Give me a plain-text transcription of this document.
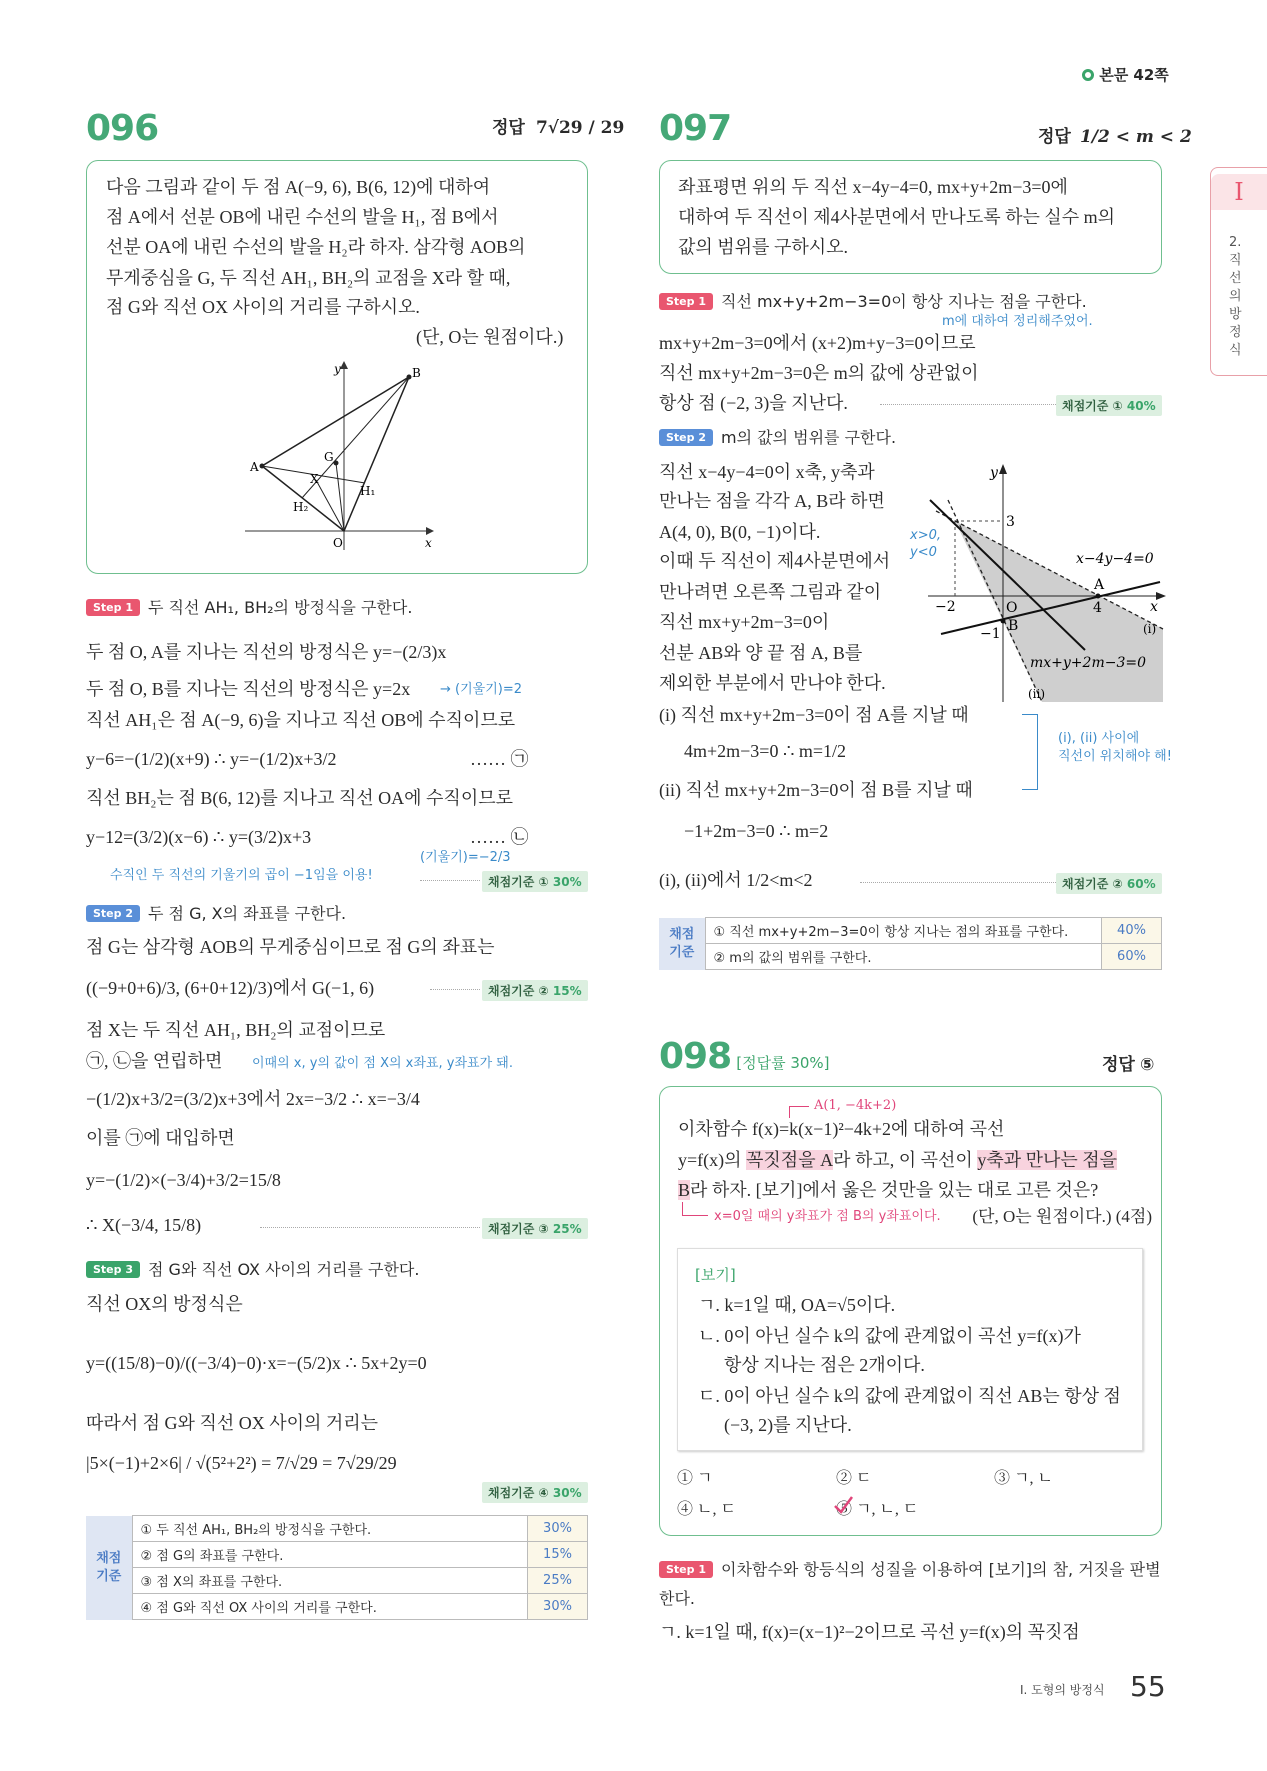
본문 42쪽
I
2. 직선의 방정식
096	정답 7√29 / 29
다음 그림과 같이 두 점 A(−9, 6), B(6, 12)에 대하여
점 A에서 선분 OB에 내린 수선의 발을 H₁, 점 B에서
선분 OA에 내린 수선의 발을 H₂라 하자. 삼각형 AOB의
무게중심을 G, 두 직선 AH₁, BH₂의 교점을 X라 할 때,
점 G와 직선 OX 사이의 거리를 구하시오.
(단, O는 원점이다.)
y
x
O
A
B
G
X
H₁
H₂
Step 1 두 직선 AH₁, BH₂의 방정식을 구한다.
두 점 O, A를 지나는 직선의 방정식은 y=−(2/3)x
두 점 O, B를 지나는 직선의 방정식은 y=2x → (기울기)=2
직선 AH₁은 점 A(−9, 6)을 지나고 직선 OB에 수직이므로
y−6=−(1/2)(x+9) ∴ y=−(1/2)x+3/2	…… ㉠
직선 BH₂는 점 B(6, 12)를 지나고 직선 OA에 수직이므로
y−12=(3/2)(x−6) ∴ y=(3/2)x+3	…… ㉡
(기울기)=−2/3
수직인 두 직선의 기울기의 곱이 −1임을 이용!	채점기준 ① 30%
Step 2 두 점 G, X의 좌표를 구한다.
점 G는 삼각형 AOB의 무게중심이므로 점 G의 좌표는
((−9+0+6)/3, (6+0+12)/3)에서 G(−1, 6)	채점기준 ② 15%
점 X는 두 직선 AH₁, BH₂의 교점이므로
㉠, ㉡을 연립하면 이때의 x, y의 값이 점 X의 x좌표, y좌표가 돼.
−(1/2)x+3/2=(3/2)x+3에서 2x=−3/2 ∴ x=−3/4
이를 ㉠에 대입하면
y=−(1/2)×(−3/4)+3/2=15/8
∴ X(−3/4, 15/8)	채점기준 ③ 25%
Step 3 점 G와 직선 OX 사이의 거리를 구한다.
직선 OX의 방정식은
y=((15/8)−0)/((−3/4)−0)·x=−(5/2)x ∴ 5x+2y=0
따라서 점 G와 직선 OX 사이의 거리는
|5×(−1)+2×6| / √(5²+2²) = 7/√29 = 7√29/29
채점기준 ④ 30%
채점 기준	① 두 직선 AH₁, BH₂의 방정식을 구한다.	30%
	② 점 G의 좌표를 구한다.	15%
	③ 점 X의 좌표를 구한다.	25%
	④ 점 G와 직선 OX 사이의 거리를 구한다.	30%
097	정답 1/2 < m < 2
좌표평면 위의 두 직선 x−4y−4=0, mx+y+2m−3=0에
대하여 두 직선이 제4사분면에서 만나도록 하는 실수 m의
값의 범위를 구하시오.
Step 1 직선 mx+y+2m−3=0이 항상 지나는 점을 구한다.
m에 대하여 정리해주었어.
mx+y+2m−3=0에서 (x+2)m+y−3=0이므로
직선 mx+y+2m−3=0은 m의 값에 상관없이
항상 점 (−2, 3)을 지난다.	채점기준 ① 40%
Step 2 m의 값의 범위를 구한다.
직선 x−4y−4=0이 x축, y축과
만나는 점을 각각 A, B라 하면
A(4, 0), B(0, −1)이다.
이때 두 직선이 제4사분면에서
만나려면 오른쪽 그림과 같이
직선 mx+y+2m−3=0이
선분 AB와 양 끝 점 A, B를
제외한 부분에서 만나야 한다.
x>0,
y<0
y
x
O
3
−2	4
−1
A
B
x−4y−4=0
mx+y+2m−3=0
(i)
(ii)
(i) 직선 mx+y+2m−3=0이 점 A를 지날 때
4m+2m−3=0 ∴ m=1/2
(ii) 직선 mx+y+2m−3=0이 점 B를 지날 때
−1+2m−3=0 ∴ m=2
(i), (ii)에서 1/2<m<2
(i), (ii) 사이에
직선이 위치해야 해!
채점기준 ② 60%
채점 기준	① 직선 mx+y+2m−3=0이 항상 지나는 점의 좌표를 구한다.	40%
	② m의 값의 범위를 구한다.	60%
098 [정답률 30%]	정답 ⑤
A(1, −4k+2)
이차함수 f(x)=k(x−1)²−4k+2에 대하여 곡선
y=f(x)의 꼭짓점을 A라 하고, 이 곡선이 y축과 만나는 점을
B라 하자. [보기]에서 옳은 것만을 있는 대로 고른 것은?
x=0일 때의 y좌표가 점 B의 y좌표이다. (단, O는 원점이다.) (4점)
[보기]
ㄱ. k=1일 때, OA=√5이다.
ㄴ. 0이 아닌 실수 k의 값에 관계없이 곡선 y=f(x)가
항상 지나는 점은 2개이다.
ㄷ. 0이 아닌 실수 k의 값에 관계없이 직선 AB는 항상 점
(−3, 2)를 지난다.
① ㄱ	② ㄷ	③ ㄱ, ㄴ
④ ㄴ, ㄷ	⑤ ㄱ, ㄴ, ㄷ
Step 1 이차함수와 항등식의 성질을 이용하여 [보기]의 참, 거짓을 판별
한다.
ㄱ. k=1일 때, f(x)=(x−1)²−2이므로 곡선 y=f(x)의 꼭짓점
Ⅰ. 도형의 방정식 55
